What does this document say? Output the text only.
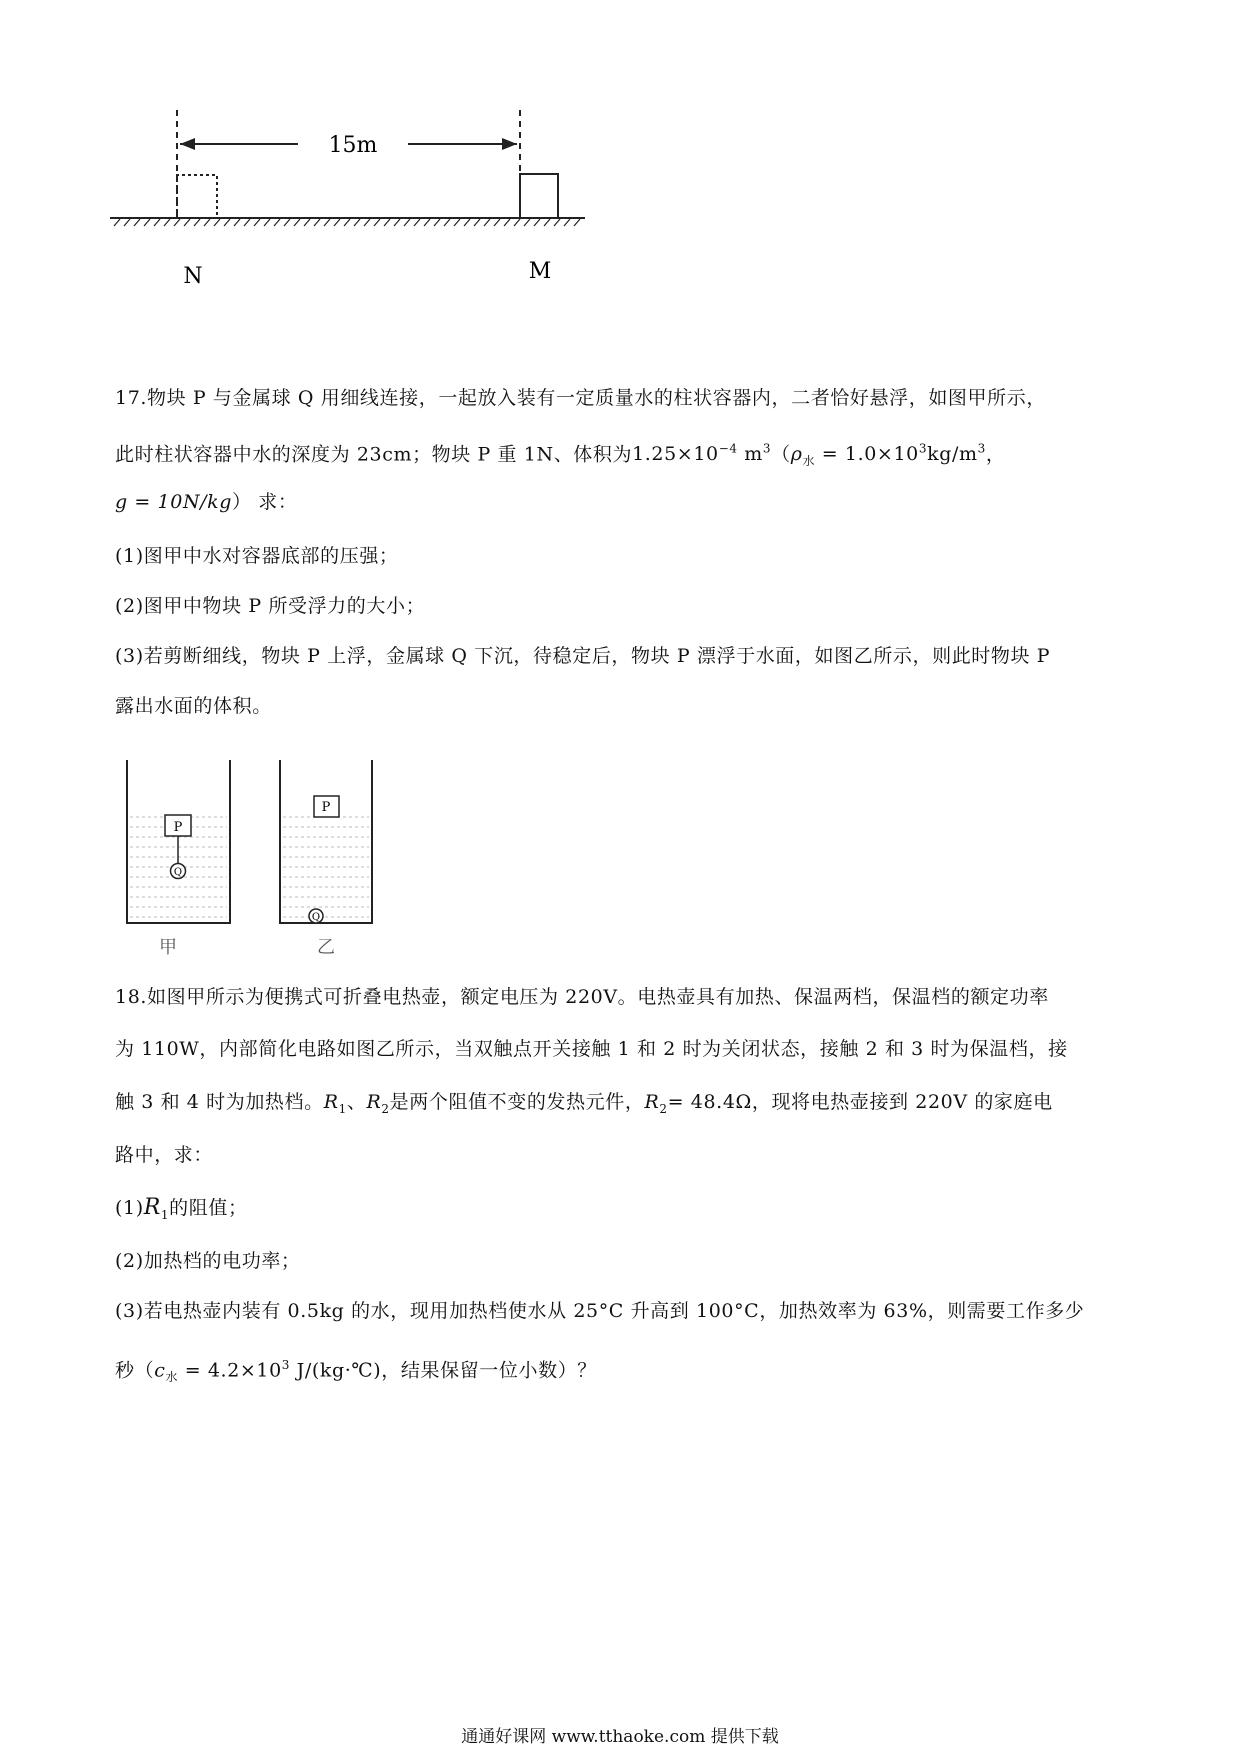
15m
N	M
17.物块 P 与金属球 Q 用细线连接，一起放入装有一定质量水的柱状容器内，二者恰好悬浮，如图甲所示，
此时柱状容器中水的深度为 23cm；物块 P 重 1N、体积为$1.25\times 10^{-4}$ $m^3(\rho_水 = 1.0\times 10^3kg/m^3$，
g = 10N/kg） 求：
(1)图甲中水对容器底部的压强；
(2)图甲中物块 P 所受浮力的大小；
(3)若剪断细线，物块 P 上浮，金属球 Q 下沉，待稳定后，物块 P 漂浮于水面，如图乙所示，则此时物块 P
露出水面的体积。
P
Q
甲
P
Q
乙
18.如图甲所示为便携式可折叠电热壶，额定电压为 220V。电热壶具有加热、保温两档，保温档的额定功率
为 110W，内部简化电路如图乙所示，当双触点开关接触 1 和 2 时为关闭状态，接触 2 和 3 时为保温档，接
触 3 和 4 时为加热档。$R_1$、$R_2$是两个阻值不变的发热元件，$R_2= 48.4\Omega$，现将电热壶接到 220V 的家庭电
路中，求：
$(1)R_1$的阻值；
(2)加热档的电功率；
(3)若电热壶内装有 0.5kg 的水，现用加热档使水从 25°C 升高到 100°C，加热效率为 63%，则需要工作多少
秒（$c_水 = 4.2\times 10^3$ J/(kg·℃)，结果保留一位小数）？
通通好课网 www.tthaoke.com 提供下载
